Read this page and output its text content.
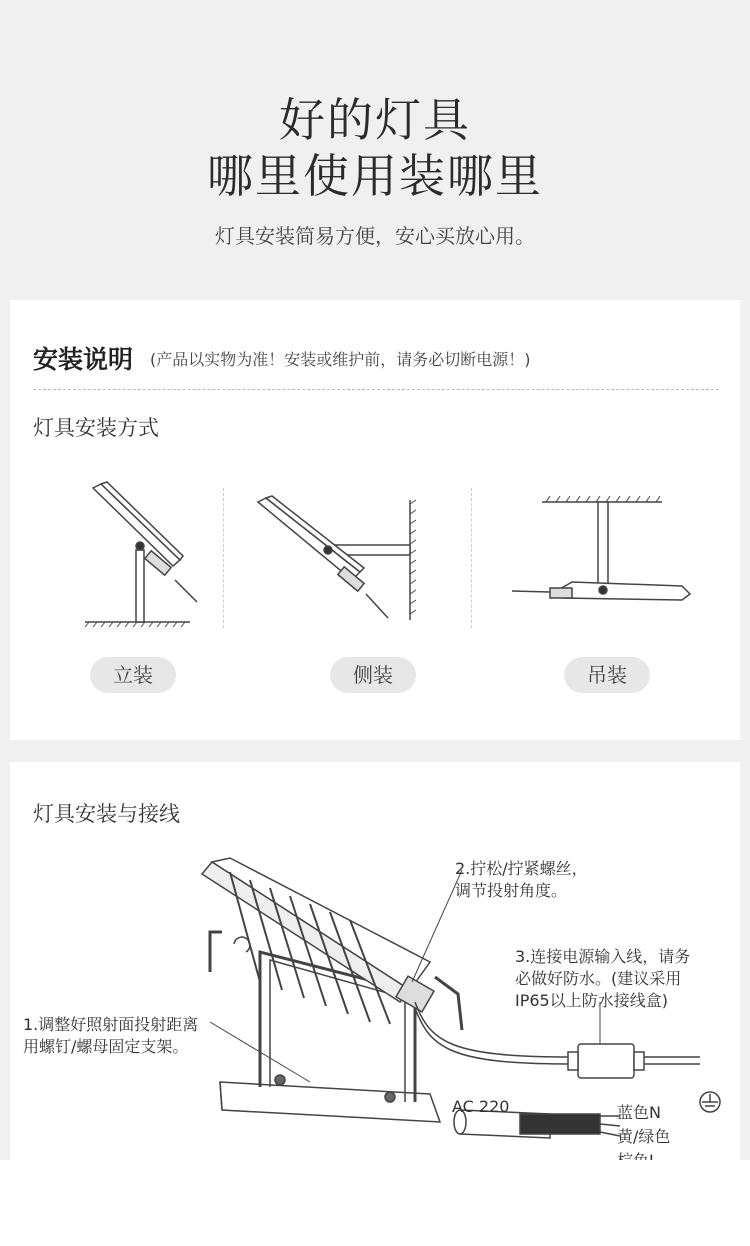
好的灯具
哪里使用装哪里
灯具安装简易方便，安心买放心用。
安装说明 (产品以实物为准！安装或维护前，请务必切断电源！)
灯具安装方式
立装	侧装	吊装
灯具安装与接线
1.调整好照射面投射距离
用螺钉/螺母固定支架。
2.拧松/拧紧螺丝，
调节投射角度。
3.连接电源输入线，请务
必做好防水。(建议采用
IP65以上防水接线盒)
AC 220	蓝色N
黄/绿色
